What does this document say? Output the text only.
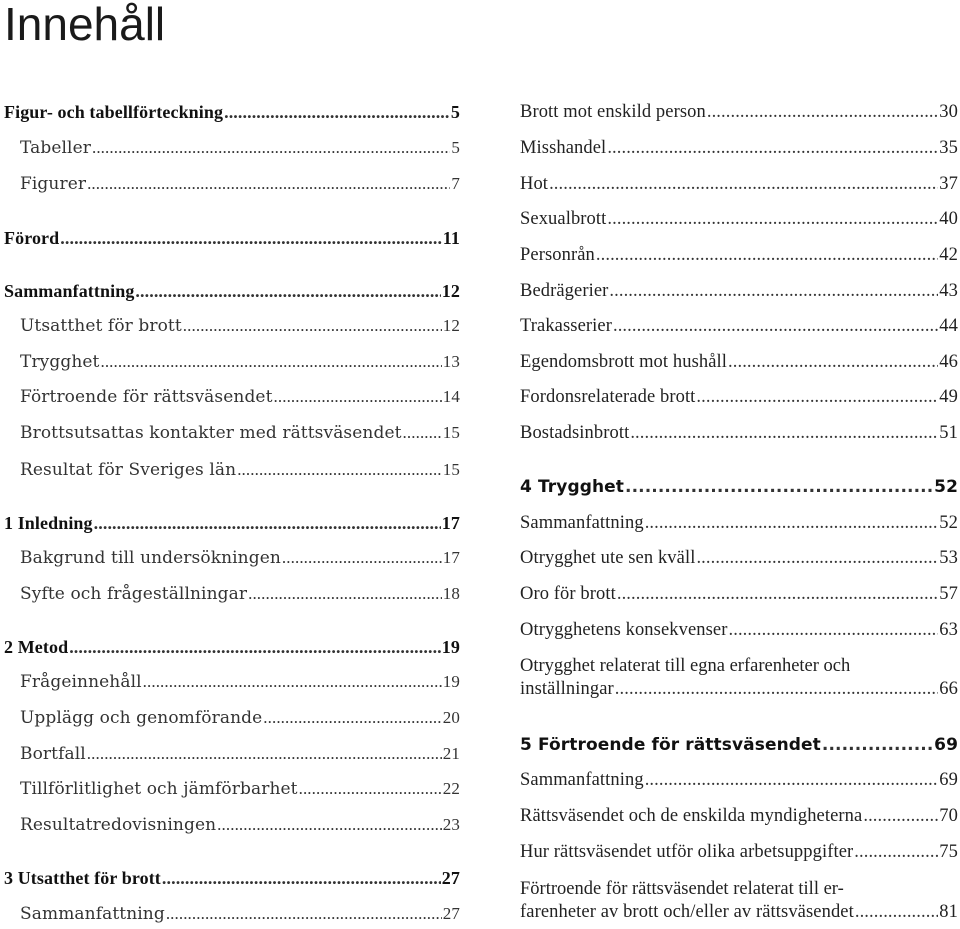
Innehåll
Figur- och tabellförteckning .....	5
Tabeller .....	5
Figurer .....	7
Förord .....	11
Sammanfattning .....	12
Utsatthet för brott .....	12
Trygghet .....	13
Förtroende för rättsväsendet .....	14
Brottsutsattas kontakter med rättsväsendet ..... 15
Resultat för Sveriges län .....	15
1 Inledning .....	17
Bakgrund till undersökningen .....	17
Syfte och frågeställningar .....	18
2 Metod .....	19
Frågeinnehåll .....	19
Upplägg och genomförande .....	20
Bortfall .....	21
Tillförlitlighet och jämförbarhet .....	22
Resultatredovisningen .....	23
3 Utsatthet för brott .....	27
Sammanfattning .....	27
Brott mot enskild person .....	30
Misshandel .....	35
Hot .....	37
Sexualbrott .....	40
Personrån .....	42
Bedrägerier .....	43
Trakasserier .....	44
Egendomsbrott mot hushåll .....	46
Fordonsrelaterade brott .....	49
Bostadsinbrott .....	51
4 Trygghet .....	52
Sammanfattning .....	52
Otrygghet ute sen kväll .....	53
Oro för brott .....	57
Otrygghetens konsekvenser .....	63
Otrygghet relaterat till egna erfarenheter och
inställningar .....	66
5 Förtroende för rättsväsendet .....	69
Sammanfattning .....	69
Rättsväsendet och de enskilda myndigheterna .....	70
Hur rättsväsendet utför olika arbetsuppgifter .....	75
Förtroende för rättsväsendet relaterat till er-
farenheter av brott och/eller av rättsväsendet .....	81
